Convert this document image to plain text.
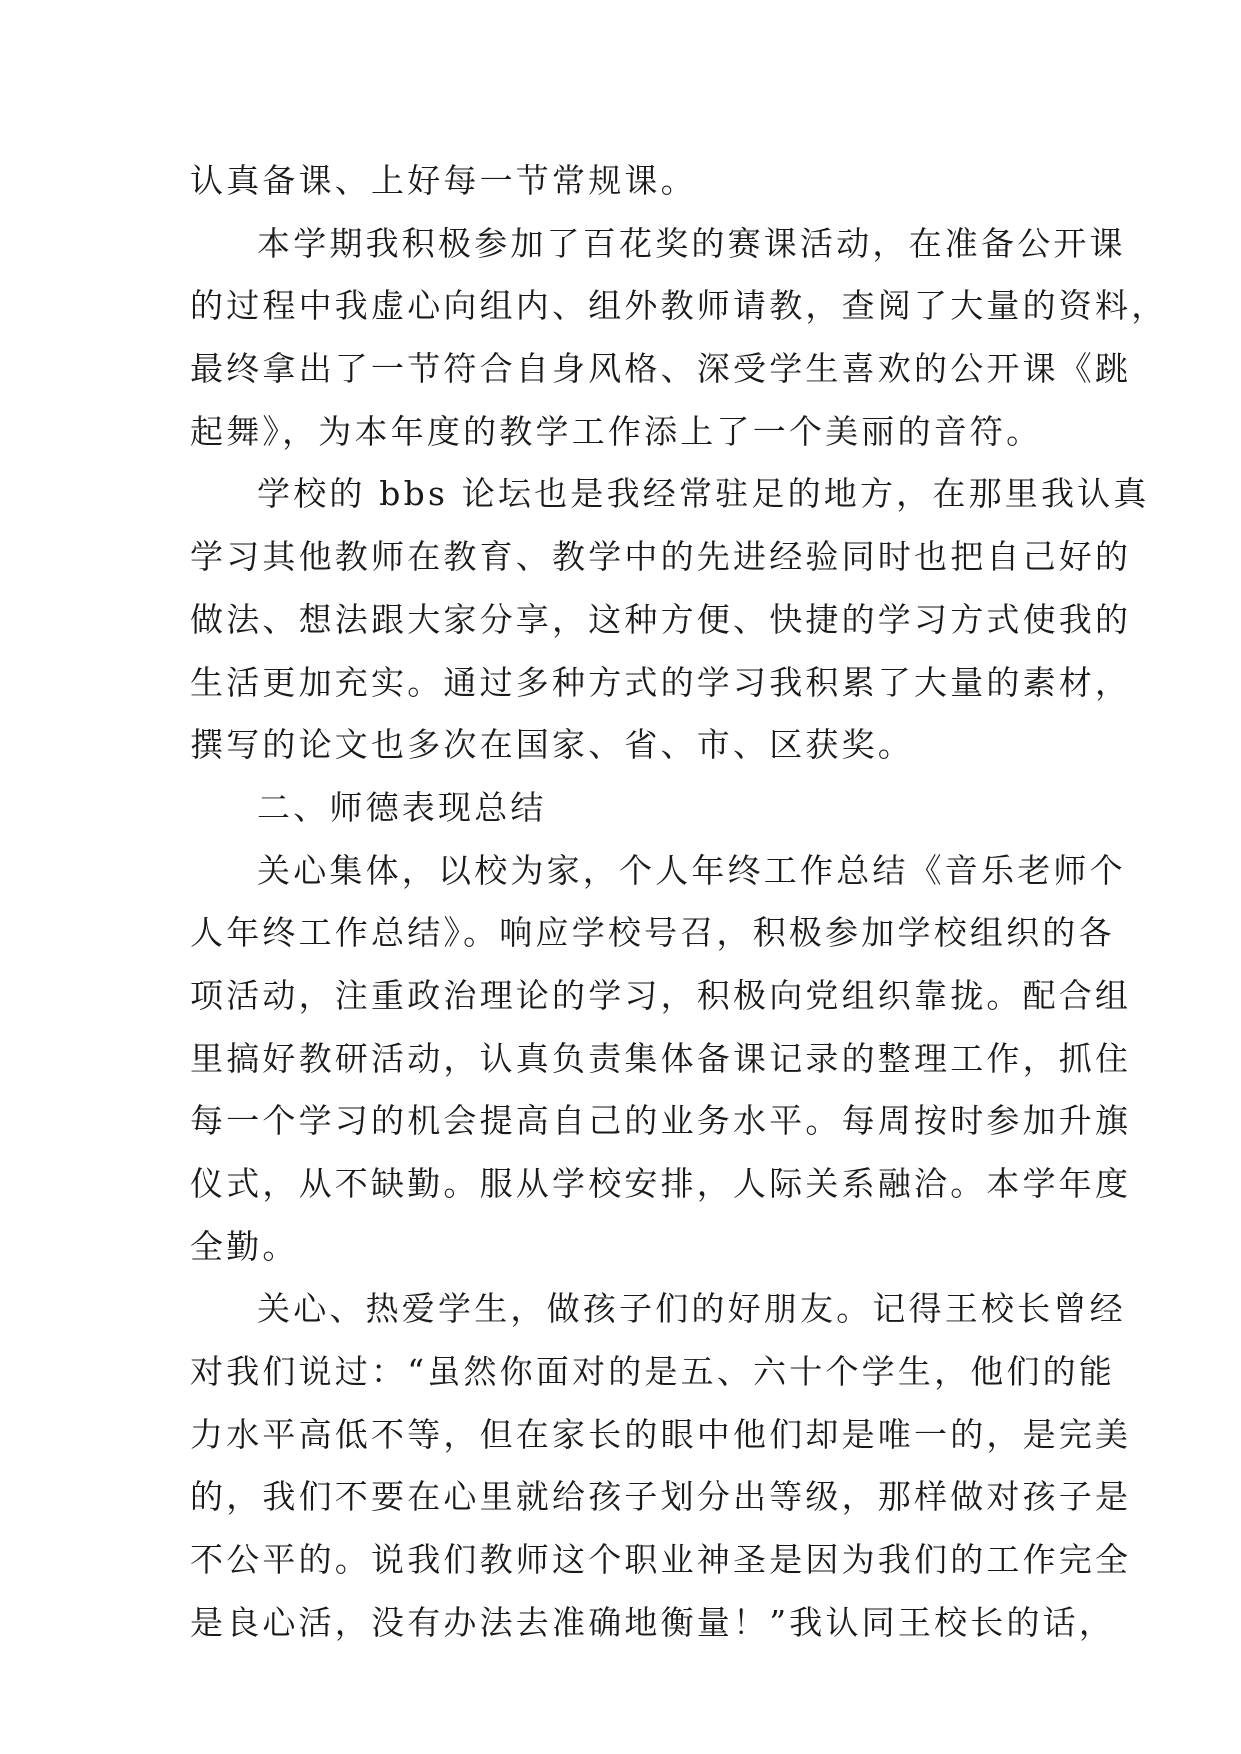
认真备课、上好每一节常规课。
本学期我积极参加了百花奖的赛课活动，在准备公开课
的过程中我虚心向组内、组外教师请教，查阅了大量的资料，
最终拿出了一节符合自身风格、深受学生喜欢的公开课《跳
起舞》，为本年度的教学工作添上了一个美丽的音符。
学校的 bbs 论坛也是我经常驻足的地方，在那里我认真
学习其他教师在教育、教学中的先进经验同时也把自己好的
做法、想法跟大家分享，这种方便、快捷的学习方式使我的
生活更加充实。通过多种方式的学习我积累了大量的素材，
撰写的论文也多次在国家、省、市、区获奖。
二、师德表现总结
关心集体，以校为家，个人年终工作总结《音乐老师个
人年终工作总结》。响应学校号召，积极参加学校组织的各
项活动，注重政治理论的学习，积极向党组织靠拢。配合组
里搞好教研活动，认真负责集体备课记录的整理工作，抓住
每一个学习的机会提高自己的业务水平。每周按时参加升旗
仪式，从不缺勤。服从学校安排，人际关系融洽。本学年度
全勤。
关心、热爱学生，做孩子们的好朋友。记得王校长曾经
对我们说过：“虽然你面对的是五、六十个学生，他们的能
力水平高低不等，但在家长的眼中他们却是唯一的，是完美
的，我们不要在心里就给孩子划分出等级，那样做对孩子是
不公平的。说我们教师这个职业神圣是因为我们的工作完全
是良心活，没有办法去准确地衡量！”我认同王校长的话，
